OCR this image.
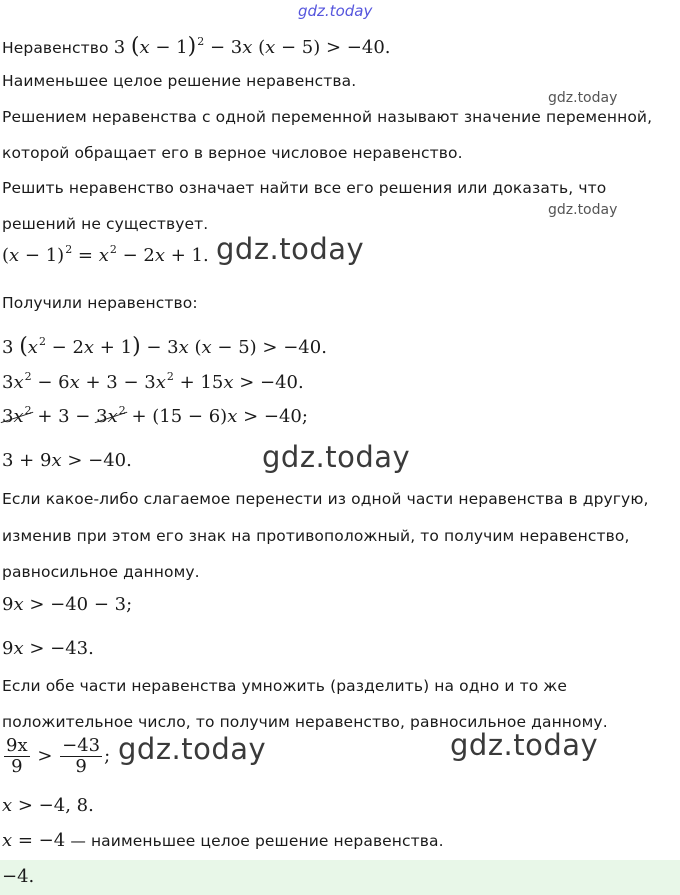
gdz.today
gdz.today
gdz.today
gdz.today
gdz.today
gdz.today	gdz.today
Неравенство 3 $(x - 1)^2 - 3x$ (x − 5) > −40.
Наименьшее целое решение неравенства.
Решением неравенства с одной переменной называют значение переменной,
которой обращает его в верное числовое неравенство.
Решить неравенство означает найти все его решения или доказать, что
решений не существует.
$(x - 1)^2 = x^2 - 2x + 1$.
Получили неравенство:
3 $(x^2 - 2x + 1) - 3x$ (x − 5) > −40.
$3x^2 - 6x + 3 - 3x^2 + 15x > -40$.
$3x^2 + 3 - 3x^2 + (15 - 6)x > -40$;
3 + 9x > −40.
Если какое-либо слагаемое перенести из одной части неравенства в другую,
изменив при этом его знак на противоположный, то получим неравенство,
равносильное данному.
9x > −40 − 3;
9x > −43.
Если обе части неравенства умножить (разделить) на одно и то же
положительное число, то получим неравенство, равносильное данному.
$\frac{9x}{9} > \frac{-43}{9}$ ;
x > −4, 8.
x = −4 — наименьшее целое решение неравенства.
−4.
